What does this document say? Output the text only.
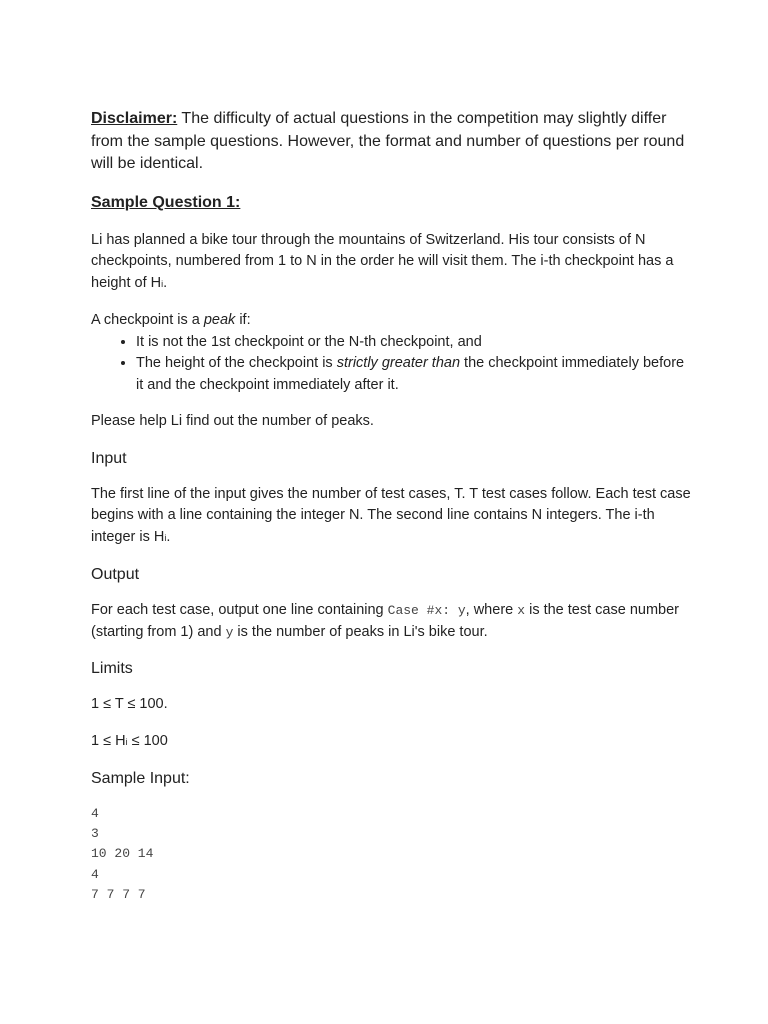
Disclaimer: The difficulty of actual questions in the competition may slightly differ from the sample questions. However, the format and number of questions per round will be identical.

Sample Question 1:

Li has planned a bike tour through the mountains of Switzerland. His tour consists of N checkpoints, numbered from 1 to N in the order he will visit them. The i-th checkpoint has a height of Hi.

A checkpoint is a peak if:

• It is not the 1st checkpoint or the N-th checkpoint, and
• The height of the checkpoint is strictly greater than the checkpoint immediately before it and the checkpoint immediately after it.

Please help Li find out the number of peaks.

Input

The first line of the input gives the number of test cases, T. T test cases follow. Each test case begins with a line containing the integer N. The second line contains N integers. The i-th integer is Hi.

Output

For each test case, output one line containing Case #x: y, where x is the test case number (starting from 1) and y is the number of peaks in Li's bike tour.

Limits

1 ≤ T ≤ 100.

1 ≤ Hi ≤ 100

Sample Input:
4
3
10 20 14
4
7 7 7 7
